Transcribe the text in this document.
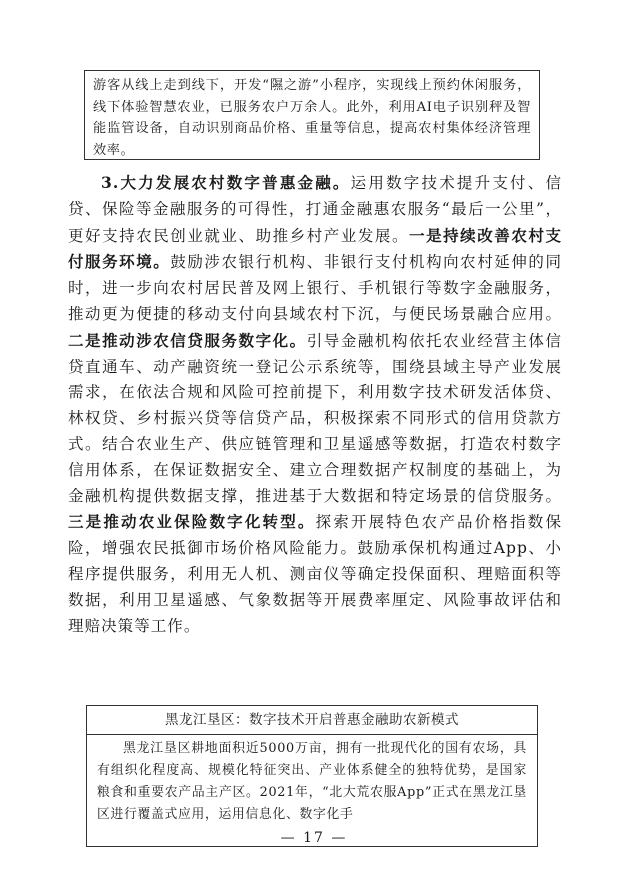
游客从线上走到线下，开发“隰之游”小程序，实现线上预约休闲服务，线下体验智慧农业，已服务农户万余人。此外，利用AI电子识别秤及智能监管设备，自动识别商品价格、重量等信息，提高农村集体经济管理效率。

3.大力发展农村数字普惠金融。运用数字技术提升支付、信贷、保险等金融服务的可得性，打通金融惠农服务“最后一公里”，更好支持农民创业就业、助推乡村产业发展。一是持续改善农村支付服务环境。鼓励涉农银行机构、非银行支付机构向农村延伸的同时，进一步向农村居民普及网上银行、手机银行等数字金融服务，推动更为便捷的移动支付向县域农村下沉，与便民场景融合应用。二是推动涉农信贷服务数字化。引导金融机构依托农业经营主体信贷直通车、动产融资统一登记公示系统等，围绕县域主导产业发展需求，在依法合规和风险可控前提下，利用数字技术研发活体贷、林权贷、乡村振兴贷等信贷产品，积极探索不同形式的信用贷款方式。结合农业生产、供应链管理和卫星遥感等数据，打造农村数字信用体系，在保证数据安全、建立合理数据产权制度的基础上，为金融机构提供数据支撑，推进基于大数据和特定场景的信贷服务。三是推动农业保险数字化转型。探索开展特色农产品价格指数保险，增强农民抵御市场价格风险能力。鼓励承保机构通过App、小程序提供服务，利用无人机、测亩仪等确定投保面积、理赔面积等数据，利用卫星遥感、气象数据等开展费率厘定、风险事故评估和理赔决策等工作。

黑龙江垦区：数字技术开启普惠金融助农新模式

黑龙江垦区耕地面积近5000万亩，拥有一批现代化的国有农场，具有组织化程度高、规模化特征突出、产业体系健全的独特优势，是国家粮食和重要农产品主产区。2021年，“北大荒农服App”正式在黑龙江垦区进行覆盖式应用，运用信息化、数字化手

— 17 —
